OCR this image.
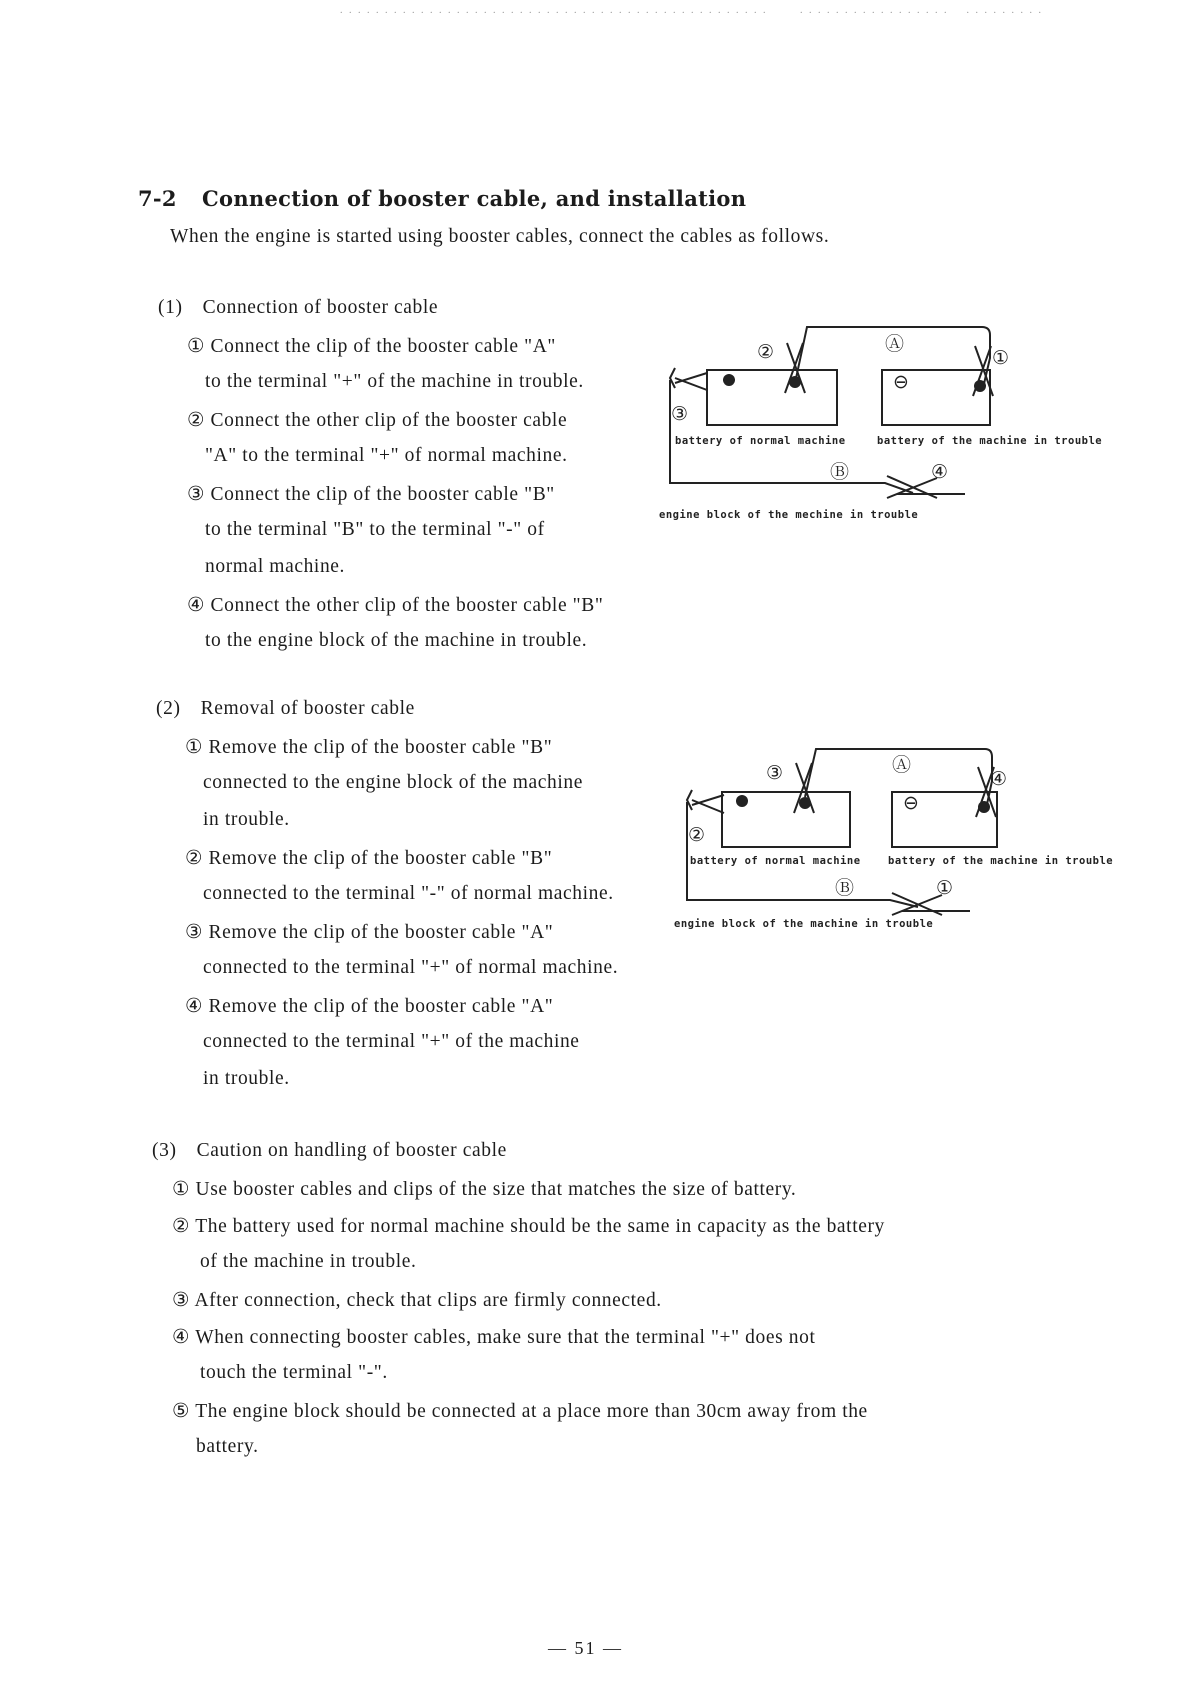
. . . . . . . . . . . . . . . . . . . . . . . . . . . . . . . . . . . . . . . . . . . . . . . .	. . . . . . . . . . . . . . . . .    . . . . . . . . .
7-2 Connection of booster cable, and installation
When the engine is started using booster cables, connect the cables as follows.
(1) Connection of booster cable
① Connect the clip of the booster cable "A"
to the terminal "+" of the machine in trouble.
② Connect the other clip of the booster cable
"A" to the terminal "+" of normal machine.
③ Connect the clip of the booster cable "B"
to the terminal "B" to the terminal "-" of
normal machine.
④ Connect the other clip of the booster cable "B"
to the engine block of the machine in trouble.
⊖
②	Ⓐ
①
③
battery of normal machine	battery of the machine in trouble
Ⓑ	④
engine block of the mechine in trouble
(2) Removal of booster cable
① Remove the clip of the booster cable "B"
connected to the engine block of the machine
in trouble.
② Remove the clip of the booster cable "B"
connected to the terminal "-" of normal machine.
③ Remove the clip of the booster cable "A"
connected to the terminal "+" of normal machine.
④ Remove the clip of the booster cable "A"
connected to the terminal "+" of the machine
in trouble.
⊖
③	Ⓐ
④
②
battery of normal machine	battery of the machine in trouble
Ⓑ	①
engine block of the machine in trouble
(3) Caution on handling of booster cable
① Use booster cables and clips of the size that matches the size of battery.
② The battery used for normal machine should be the same in capacity as the battery
of the machine in trouble.
③ After connection, check that clips are firmly connected.
④ When connecting booster cables, make sure that the terminal "+" does not
touch the terminal "-".
⑤ The engine block should be connected at a place more than 30cm away from the
battery.
— 51 —
